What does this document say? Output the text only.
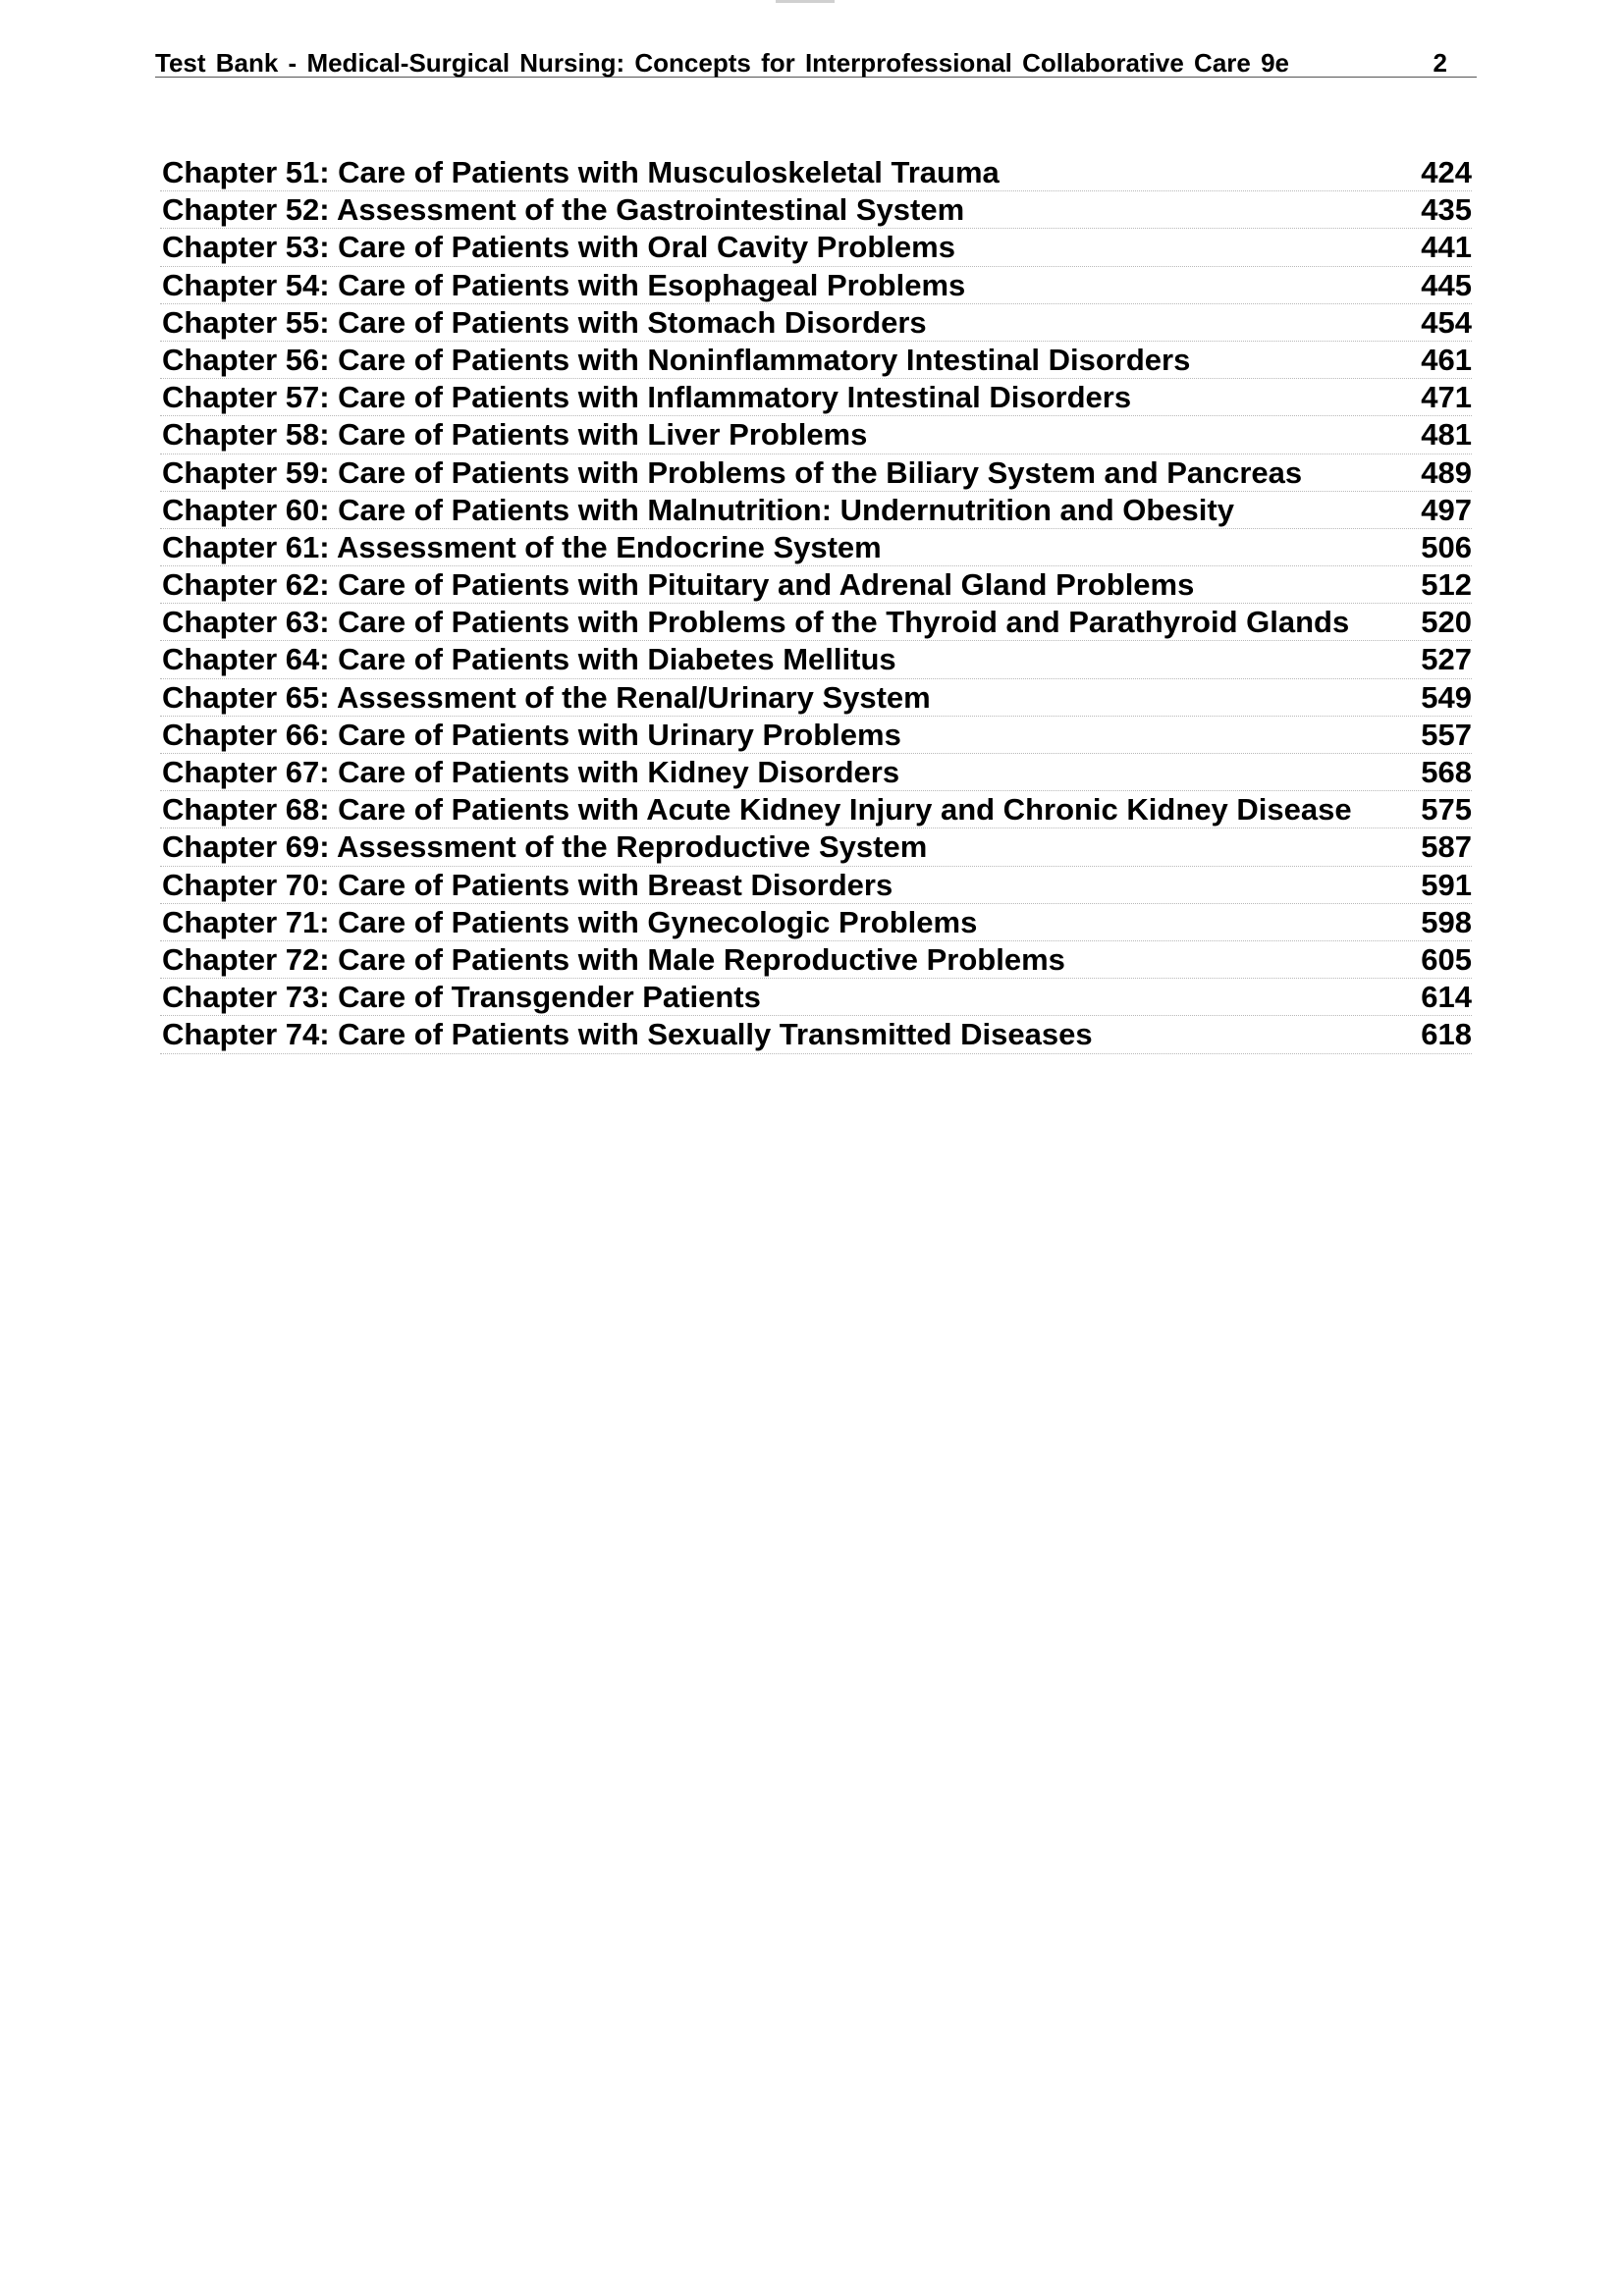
Test Bank - Medical-Surgical Nursing: Concepts for Interprofessional Collaborative Care 9e	2
Chapter 51: Care of Patients with Musculoskeletal Trauma	424
Chapter 52: Assessment of the Gastrointestinal System	435
Chapter 53: Care of Patients with Oral Cavity Problems	441
Chapter 54: Care of Patients with Esophageal Problems	445
Chapter 55: Care of Patients with Stomach Disorders	454
Chapter 56: Care of Patients with Noninflammatory Intestinal Disorders	461
Chapter 57: Care of Patients with Inflammatory Intestinal Disorders	471
Chapter 58: Care of Patients with Liver Problems	481
Chapter 59: Care of Patients with Problems of the Biliary System and Pancreas	489
Chapter 60: Care of Patients with Malnutrition: Undernutrition and Obesity	497
Chapter 61: Assessment of the Endocrine System	506
Chapter 62: Care of Patients with Pituitary and Adrenal Gland Problems	512
Chapter 63: Care of Patients with Problems of the Thyroid and Parathyroid Glands 520
Chapter 64: Care of Patients with Diabetes Mellitus	527
Chapter 65: Assessment of the Renal/Urinary System	549
Chapter 66: Care of Patients with Urinary Problems	557
Chapter 67: Care of Patients with Kidney Disorders	568
Chapter 68: Care of Patients with Acute Kidney Injury and Chronic Kidney Disease 575
Chapter 69: Assessment of the Reproductive System	587
Chapter 70: Care of Patients with Breast Disorders	591
Chapter 71: Care of Patients with Gynecologic Problems	598
Chapter 72: Care of Patients with Male Reproductive Problems	605
Chapter 73: Care of Transgender Patients	614
Chapter 74: Care of Patients with Sexually Transmitted Diseases	618
